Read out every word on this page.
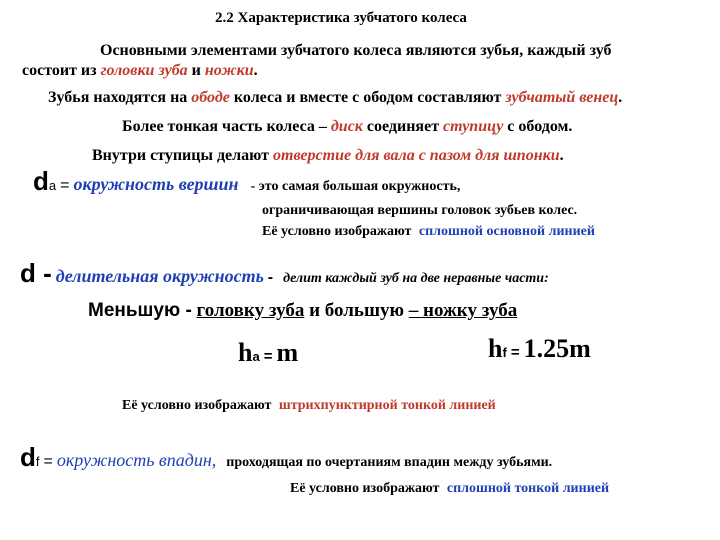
2.2 Характеристика зубчатого колеса
Основными элементами зубчатого колеса являются зубья, каждый зуб
состоит из головки зуба и ножки.
Зубья находятся на ободе колеса и вместе с ободом составляют зубчатый венец.
Более тонкая часть колеса – диск соединяет ступицу с ободом.
Внутри ступицы делают отверстие для вала с пазом для шпонки.
da = окружность вершин - это самая большая окружность,
ограничивающая вершины головок зубьев колес.
Её условно изображают сплошной основной линией
d - делительная окружность - делит каждый зуб на две неравные части:
Меньшую - головку зуба и большую – ножку зуба
ha = m	hf = 1.25m
Её условно изображают штрихпунктирной тонкой линией
df = окружность впадин, проходящая по очертаниям впадин между зубьями.
Её условно изображают сплошной тонкой линией
